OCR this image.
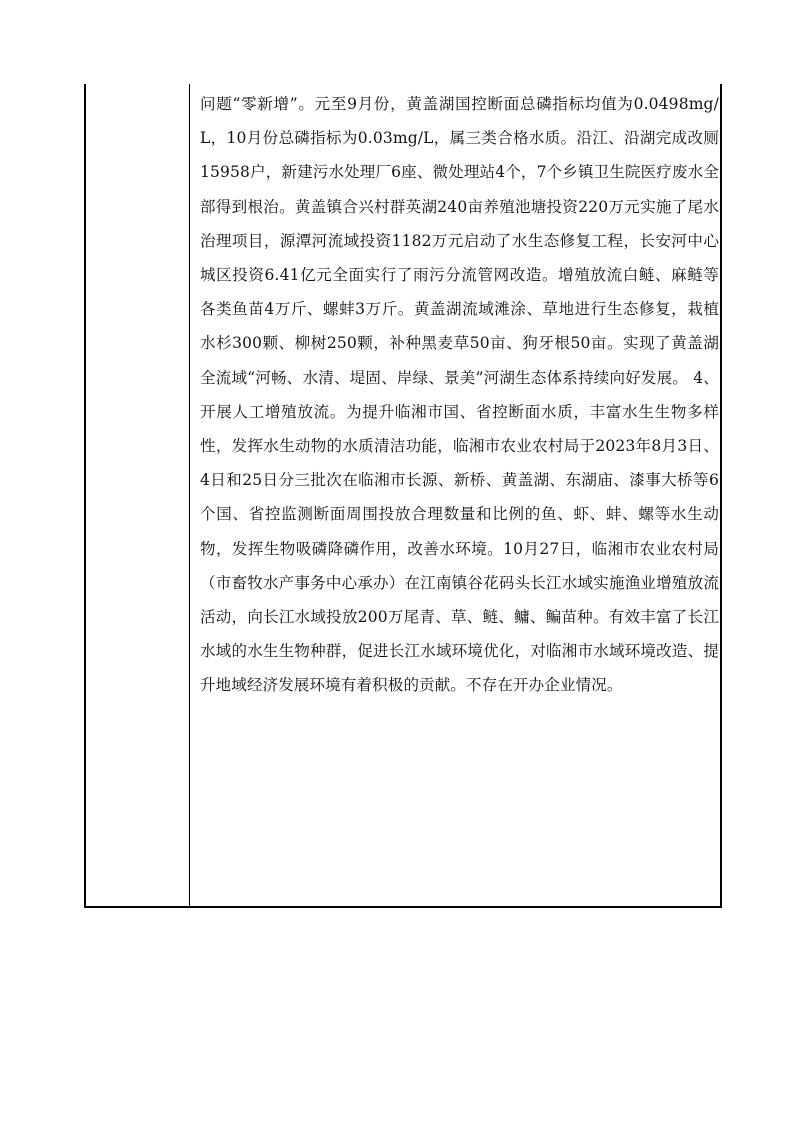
问题“零新增”。元至9月份，黄盖湖国控断面总磷指标均值为0.0498mg/L，10月份总磷指标为0.03mg/L，属三类合格水质。沿江、沿湖完成改厕15958户，新建污水处理厂6座、微处理站4个，7个乡镇卫生院医疗废水全部得到根治。黄盖镇合兴村群英湖240亩养殖池塘投资220万元实施了尾水治理项目，源潭河流域投资1182万元启动了水生态修复工程，长安河中心城区投资6.41亿元全面实行了雨污分流管网改造。增殖放流白鲢、麻鲢等各类鱼苗4万斤、螺蚌3万斤。黄盖湖流域滩涂、草地进行生态修复，栽植水杉300颗、柳树250颗，补种黑麦草50亩、狗牙根50亩。实现了黄盖湖全流域“河畅、水清、堤固、岸绿、景美”河湖生态体系持续向好发展。 4、开展人工增殖放流。为提升临湘市国、省控断面水质，丰富水生生物多样性，发挥水生动物的水质清洁功能，临湘市农业农村局于2023年8月3日、4日和25日分三批次在临湘市长源、新桥、黄盖湖、东湖庙、漆事大桥等6个国、省控监测断面周围投放合理数量和比例的鱼、虾、蚌、螺等水生动物，发挥生物吸磷降磷作用，改善水环境。10月27日，临湘市农业农村局（市畜牧水产事务中心承办）在江南镇谷花码头长江水域实施渔业增殖放流活动，向长江水域投放200万尾青、草、鲢、鳙、鳊苗种。有效丰富了长江水域的水生生物种群，促进长江水域环境优化，对临湘市水域环境改造、提升地域经济发展环境有着积极的贡献。不存在开办企业情况。
